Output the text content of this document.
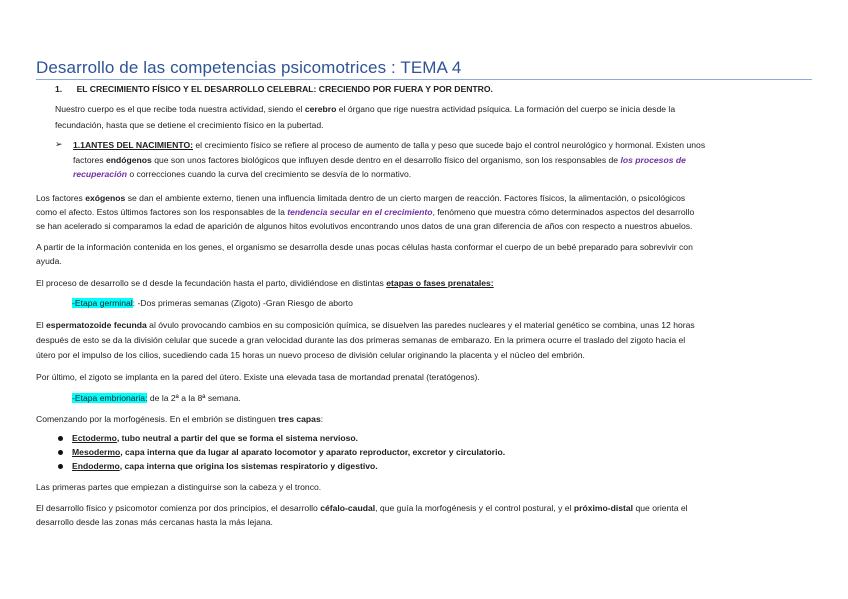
Desarrollo de las competencias psicomotrices : TEMA 4
1. EL CRECIMIENTO FÍSICO Y EL DESARROLLO CELEBRAL: CRECIENDO POR FUERA Y POR DENTRO.
Nuestro cuerpo es el que recibe toda nuestra actividad, siendo el cerebro el órgano que rige nuestra actividad psíquica. La formación del cuerpo se inicia desde la
fecundación, hasta que se detiene el crecimiento físico en la pubertad.
➢ 1.1ANTES DEL NACIMIENTO: el crecimiento físico se refiere al proceso de aumento de talla y peso que sucede bajo el control neurológico y hormonal. Existen unos
factores endógenos que son unos factores biológicos que influyen desde dentro en el desarrollo físico del organismo, son los responsables de los procesos de
recuperación o correcciones cuando la curva del crecimiento se desvía de lo normativo.
Los factores exógenos se dan el ambiente externo, tienen una influencia limitada dentro de un cierto margen de reacción. Factores físicos, la alimentación, o psicológicos
como el afecto. Estos últimos factores son los responsables de la tendencia secular en el crecimiento, fenómeno que muestra cómo determinados aspectos del desarrollo
se han acelerado si comparamos la edad de aparición de algunos hitos evolutivos encontrando unos datos de una gran diferencia de años con respecto a nuestros abuelos.
A partir de la información contenida en los genes, el organismo se desarrolla desde unas pocas células hasta conformar el cuerpo de un bebé preparado para sobrevivir con
ayuda.
El proceso de desarrollo se d desde la fecundación hasta el parto, dividiéndose en distintas etapas o fases prenatales:
-Etapa germinal: -Dos primeras semanas (Zigoto) -Gran Riesgo de aborto
El espermatozoide fecunda al óvulo provocando cambios en su composición química, se disuelven las paredes nucleares y el material genético se combina, unas 12 horas
después de esto se da la división celular que sucede a gran velocidad durante las dos primeras semanas de embarazo. En la primera ocurre el traslado del zigoto hacia el
útero por el impulso de los cilios, sucediendo cada 15 horas un nuevo proceso de división celular originando la placenta y el núcleo del embrión.
Por último, el zigoto se implanta en la pared del útero. Existe una elevada tasa de mortandad prenatal (teratógenos).
-Etapa embrionaria: de la 2ª a la 8ª semana.
Comenzando por la morfogénesis. En el embrión se distinguen tres capas:
Ectodermo, tubo neutral a partir del que se forma el sistema nervioso.
Mesodermo, capa interna que da lugar al aparato locomotor y aparato reproductor, excretor y circulatorio.
Endodermo, capa interna que origina los sistemas respiratorio y digestivo.
Las primeras partes que empiezan a distinguirse son la cabeza y el tronco.
El desarrollo físico y psicomotor comienza por dos principios, el desarrollo céfalo-caudal, que guía la morfogénesis y el control postural, y el próximo-distal que orienta el
desarrollo desde las zonas más cercanas hasta la más lejana.
